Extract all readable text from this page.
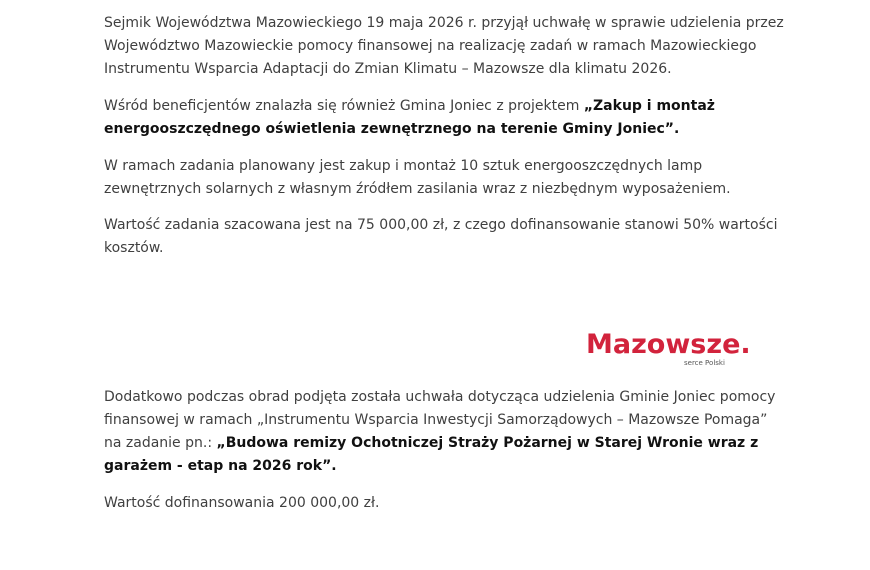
Sejmik Województwa Mazowieckiego 19 maja 2026 r. przyjął uchwałę w sprawie udzielenia przez Województwo Mazowieckie pomocy finansowej na realizację zadań w ramach Mazowieckiego Instrumentu Wsparcia Adaptacji do Zmian Klimatu – Mazowsze dla klimatu 2026.

Wśród beneficjentów znalazła się również Gmina Joniec z projektem „Zakup i montaż energooszczędnego oświetlenia zewnętrznego na terenie Gminy Joniec”.

W ramach zadania planowany jest zakup i montaż 10 sztuk energooszczędnych lamp zewnętrznych solarnych z własnym źródłem zasilania wraz z niezbędnym wyposażeniem.

Wartość zadania szacowana jest na 75 000,00 zł, z czego dofinansowanie stanowi 50% wartości kosztów.

Mazowsze.
serce Polski

Dodatkowo podczas obrad podjęta została uchwała dotycząca udzielenia Gminie Joniec pomocy finansowej w ramach „Instrumentu Wsparcia Inwestycji Samorządowych – Mazowsze Pomaga” na zadanie pn.: „Budowa remizy Ochotniczej Straży Pożarnej w Starej Wronie wraz z garażem - etap na 2026 rok”.

Wartość dofinansowania 200 000,00 zł.
